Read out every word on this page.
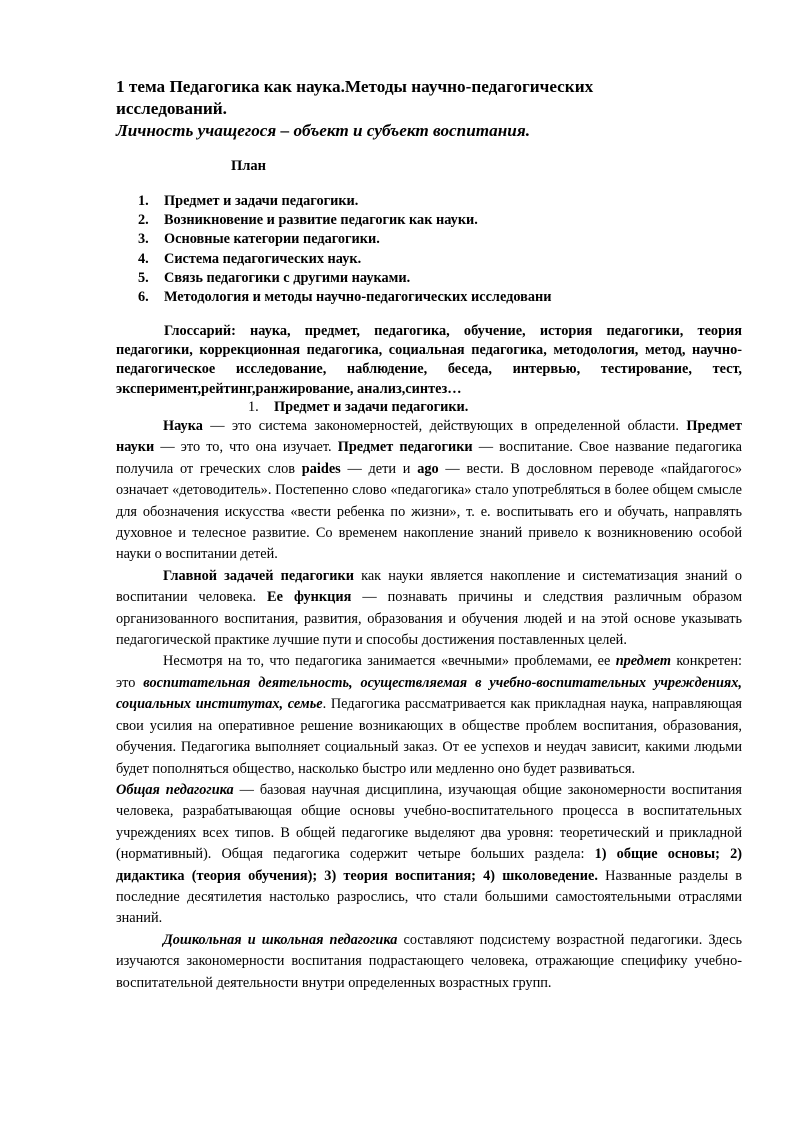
1 тема Педагогика как наука.Методы научно-педагогических
исследований.
Личность учащегося – объект и субъект воспитания.
План
1. Предмет и задачи педагогики.
2. Возникновение и развитие педагогик как науки.
3. Основные категории педагогики.
4. Система педагогических наук.
5. Связь педагогики с другими науками.
6. Методология и методы научно-педагогических исследовани
Глоссарий: наука, предмет, педагогика, обучение, история педагогики, теория педагогики, коррекционная педагогика, социальная педагогика, методология, метод, научно-педагогическое исследование, наблюдение, беседа, интервью, тестирование, тест, эксперимент,рейтинг,ранжирование, анализ,синтез…
1. Предмет и задачи педагогики.

Наука — это система закономерностей, действующих в определенной области. Предмет науки — это то, что она изучает. Предмет педагогики — воспитание. Свое название педагогика получила от греческих слов paides — дети и ago — вести. В дословном переводе «пайдагогос» означает «детоводитель». Постепенно слово «педагогика» стало употребляться в более общем смысле для обозначения искусства «вести ребенка по жизни», т. е. воспитывать его и обучать, направлять духовное и телесное развитие. Со временем накопление знаний привело к возникновению особой науки о воспитании детей.

Главной задачей педагогики как науки является накопление и систематизация знаний о воспитании человека. Ее функция — познавать причины и следствия различным образом организованного воспитания, развития, образования и обучения людей и на этой основе указывать педагогической практике лучшие пути и способы достижения поставленных целей.

Несмотря на то, что педагогика занимается «вечными» проблемами, ее предмет конкретен: это воспитательная деятельность, осуществляемая в учебно-воспитательных учреждениях, социальных институтах, семье. Педагогика рассматривается как прикладная наука, направляющая свои усилия на оперативное решение возникающих в обществе проблем воспитания, образования, обучения. Педагогика выполняет социальный заказ. От ее успехов и неудач зависит, какими людьми будет пополняться общество, насколько быстро или медленно оно будет развиваться.

Общая педагогика — базовая научная дисциплина, изучающая общие закономерности воспитания человека, разрабатывающая общие основы учебно-воспитательного процесса в воспитательных учреждениях всех типов. В общей педагогике выделяют два уровня: теоретический и прикладной (нормативный). Общая педагогика содержит четыре больших раздела: 1) общие основы; 2) дидактика (теория обучения); 3) теория воспитания; 4) школоведение. Названные разделы в последние десятилетия настолько разрослись, что стали большими самостоятельными отраслями знаний.

Дошкольная и школьная педагогика составляют подсистему возрастной педагогики. Здесь изучаются закономерности воспитания подрастающего человека, отражающие специфику учебно-воспитательной деятельности внутри определенных возрастных групп.
